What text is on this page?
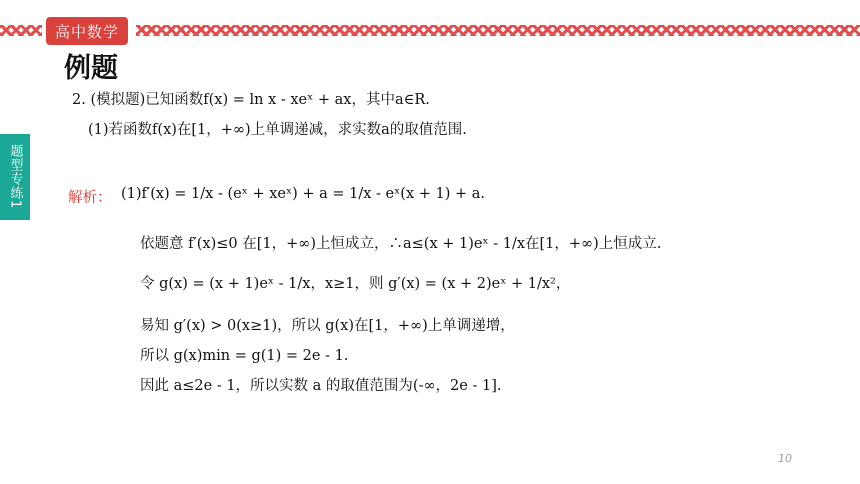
高中数学
例题
题型专练1
2. (模拟题)已知函数f(x) = ln x - xeˣ + ax，其中a∈R.
(1)若函数f(x)在[1，+∞)上单调递减，求实数a的取值范围.
解析： (1)f′(x) = 1/x - (eˣ + xeˣ) + a = 1/x - eˣ(x + 1) + a.
依题意 f′(x)≤0 在[1，+∞)上恒成立，∴a≤(x + 1)eˣ - 1/x在[1，+∞)上恒成立.
令 g(x) = (x + 1)eˣ - 1/x，x≥1，则 g′(x) = (x + 2)eˣ + 1/x²，
易知 g′(x) > 0(x≥1)，所以 g(x)在[1，+∞)上单调递增，
所以 g(x)min = g(1) = 2e - 1.
因此 a≤2e - 1，所以实数 a 的取值范围为(-∞，2e - 1].
10
